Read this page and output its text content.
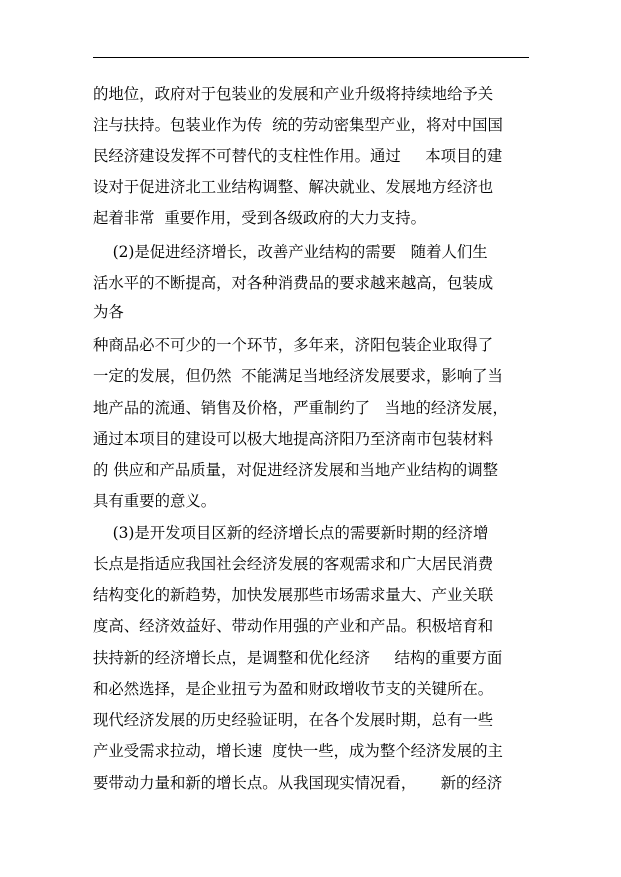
的地位，政府对于包装业的发展和产业升级将持续地给予关
注与扶持。包装业作为传  统的劳动密集型产业，将对中国国
民经济建设发挥不可替代的支柱性作用。通过     本项目的建
设对于促进济北工业结构调整、解决就业、发展地方经济也
起着非常  重要作用，受到各级政府的大力支持。
(2)是促进经济增长，改善产业结构的需要   随着人们生
活水平的不断提高，对各种消费品的要求越来越高，包装成
为各
种商品必不可少的一个环节，多年来，济阳包装企业取得了
一定的发展，但仍然  不能满足当地经济发展要求，影响了当
地产品的流通、销售及价格，严重制约了   当地的经济发展，
通过本项目的建设可以极大地提高济阳乃至济南市包装材料
的 供应和产品质量，对促进经济发展和当地产业结构的调整
具有重要的意义。
(3)是开发项目区新的经济增长点的需要新时期的经济增
长点是指适应我国社会经济发展的客观需求和广大居民消费
结构变化的新趋势，加快发展那些市场需求量大、产业关联
度高、经济效益好、带动作用强的产业和产品。积极培育和
扶持新的经济增长点，是调整和优化经济     结构的重要方面
和必然选择，是企业扭亏为盈和财政增收节支的关键所在。
现代经济发展的历史经验证明，在各个发展时期，总有一些
产业受需求拉动，增长速  度快一些，成为整个经济发展的主
要带动力量和新的增长点。从我国现实情况看，     新的经济
